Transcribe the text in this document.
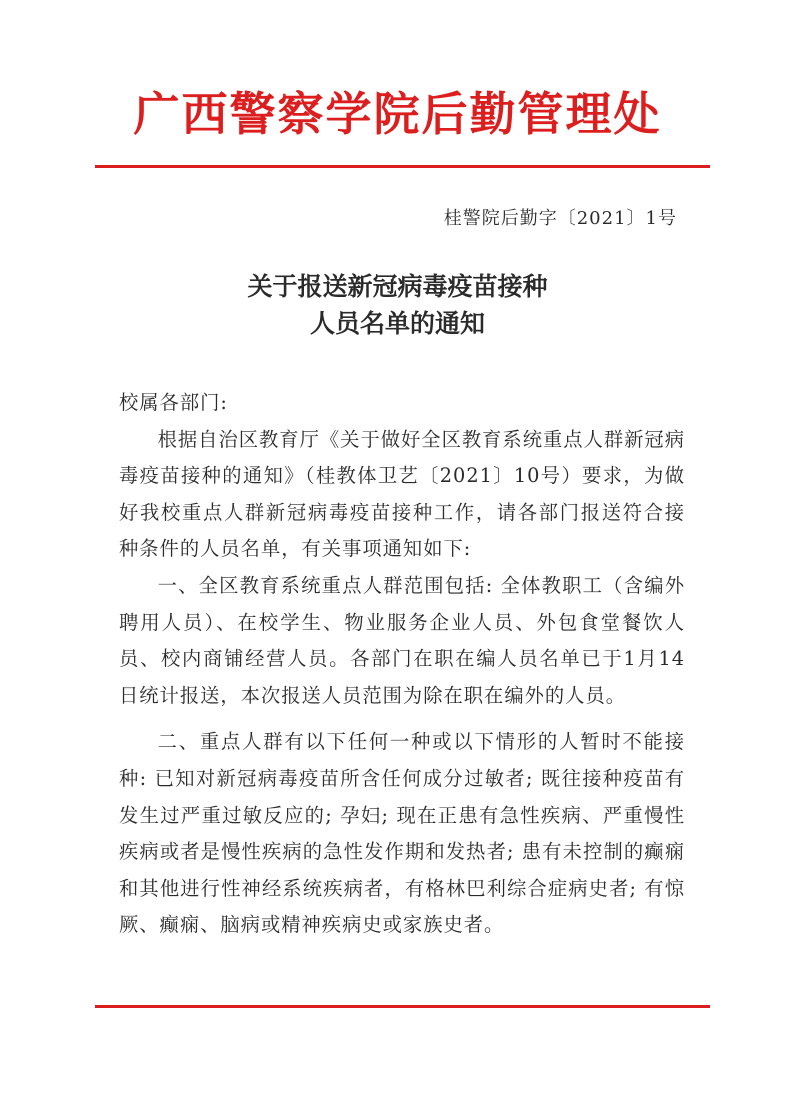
广西警察学院后勤管理处
桂警院后勤字〔2021〕1号
关于报送新冠病毒疫苗接种
人员名单的通知

校属各部门:

根据自治区教育厅《关于做好全区教育系统重点人群新冠病毒疫苗接种的通知》（桂教体卫艺〔2021〕10号）要求，为做好我校重点人群新冠病毒疫苗接种工作，请各部门报送符合接种条件的人员名单，有关事项通知如下:

一、全区教育系统重点人群范围包括: 全体教职工（含编外聘用人员）、在校学生、物业服务企业人员、外包食堂餐饮人员、校内商铺经营人员。各部门在职在编人员名单已于1月14日统计报送，本次报送人员范围为除在职在编外的人员。

二、重点人群有以下任何一种或以下情形的人暂时不能接种: 已知对新冠病毒疫苗所含任何成分过敏者; 既往接种疫苗有发生过严重过敏反应的; 孕妇; 现在正患有急性疾病、严重慢性疾病或者是慢性疾病的急性发作期和发热者; 患有未控制的癫痫和其他进行性神经系统疾病者，有格林巴利综合症病史者; 有惊厥、癫痫、脑病或精神疾病史或家族史者。
